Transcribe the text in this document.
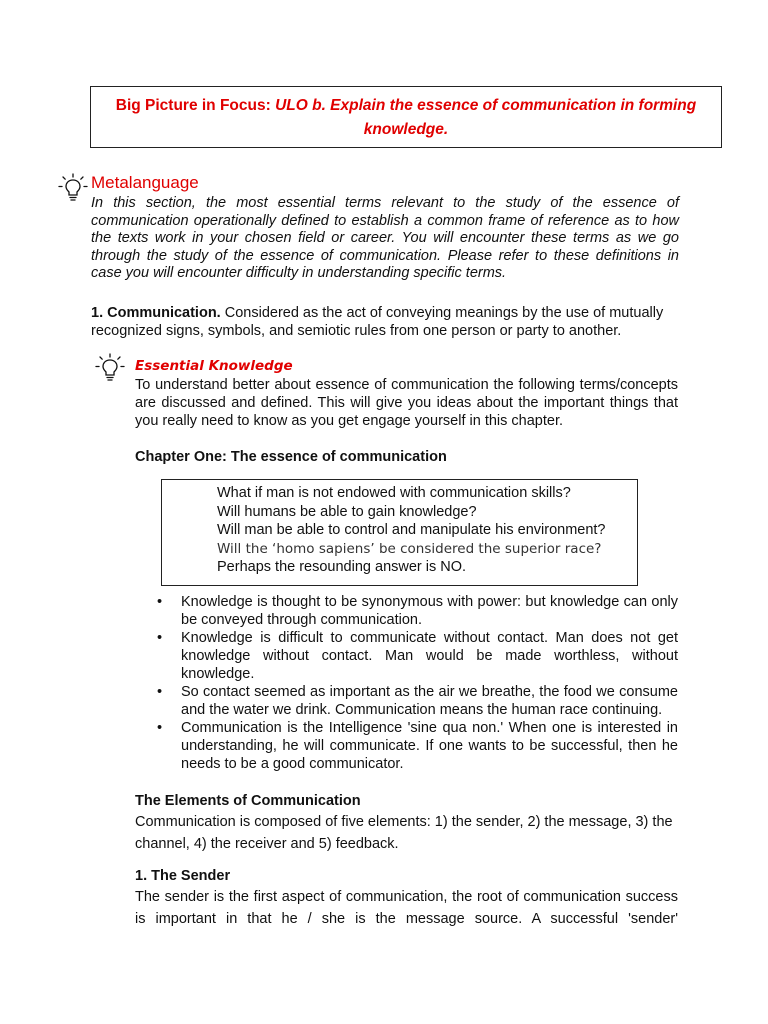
Big Picture in Focus: ULO b. Explain the essence of communication in forming knowledge.
Metalanguage
In this section, the most essential terms relevant to the study of the essence of communication operationally defined to establish a common frame of reference as to how the texts work in your chosen field or career. You will encounter these terms as we go through the study of the essence of communication. Please refer to these definitions in case you will encounter difficulty in understanding specific terms.
1. Communication. Considered as the act of conveying meanings by the use of mutually recognized signs, symbols, and semiotic rules from one person or party to another.
Essential Knowledge
To understand better about essence of communication the following terms/concepts are discussed and defined. This will give you ideas about the important things that you really need to know as you get engage yourself in this chapter.
Chapter One: The essence of communication
What if man is not endowed with communication skills?
Will humans be able to gain knowledge?
Will man be able to control and manipulate his environment?
Will the ‘homo sapiens’ be considered the superior race?
Perhaps the resounding answer is NO.
• Knowledge is thought to be synonymous with power: but knowledge can only be conveyed through communication.
• Knowledge is difficult to communicate without contact. Man does not get knowledge without contact. Man would be made worthless, without knowledge.
• So contact seemed as important as the air we breathe, the food we consume and the water we drink. Communication means the human race continuing.
• Communication is the Intelligence 'sine qua non.' When one is interested in understanding, he will communicate. If one wants to be successful, then he needs to be a good communicator.
The Elements of Communication
Communication is composed of five elements: 1) the sender, 2) the message, 3) the channel, 4) the receiver and 5) feedback.
1. The Sender
The sender is the first aspect of communication, the root of communication success is important in that he / she is the message source. A successful 'sender'
